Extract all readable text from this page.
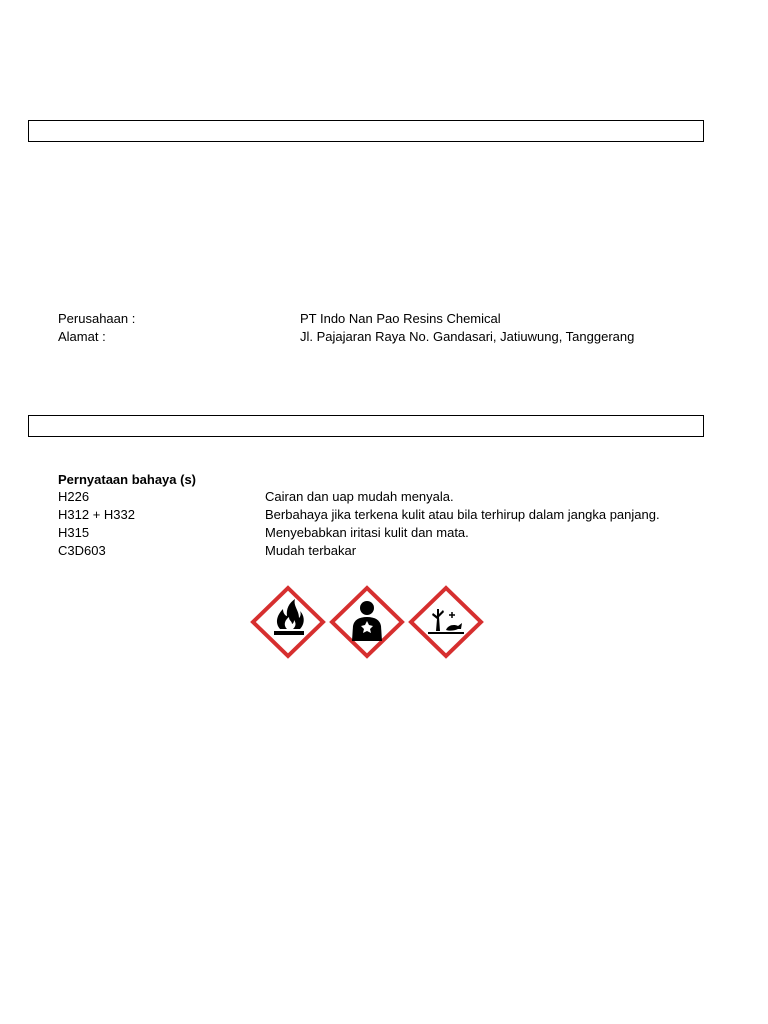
Perusahaan :	PT Indo Nan Pao Resins Chemical
Alamat :	Jl. Pajajaran Raya No. Gandasari, Jatiuwung, Tanggerang
Pernyataan bahaya (s)
H226	Cairan dan uap mudah menyala.
H312 + H332	Berbahaya jika terkena kulit atau bila terhirup dalam jangka panjang.
H315	Menyebabkan iritasi kulit dan mata.
C3D603	Mudah terbakar
